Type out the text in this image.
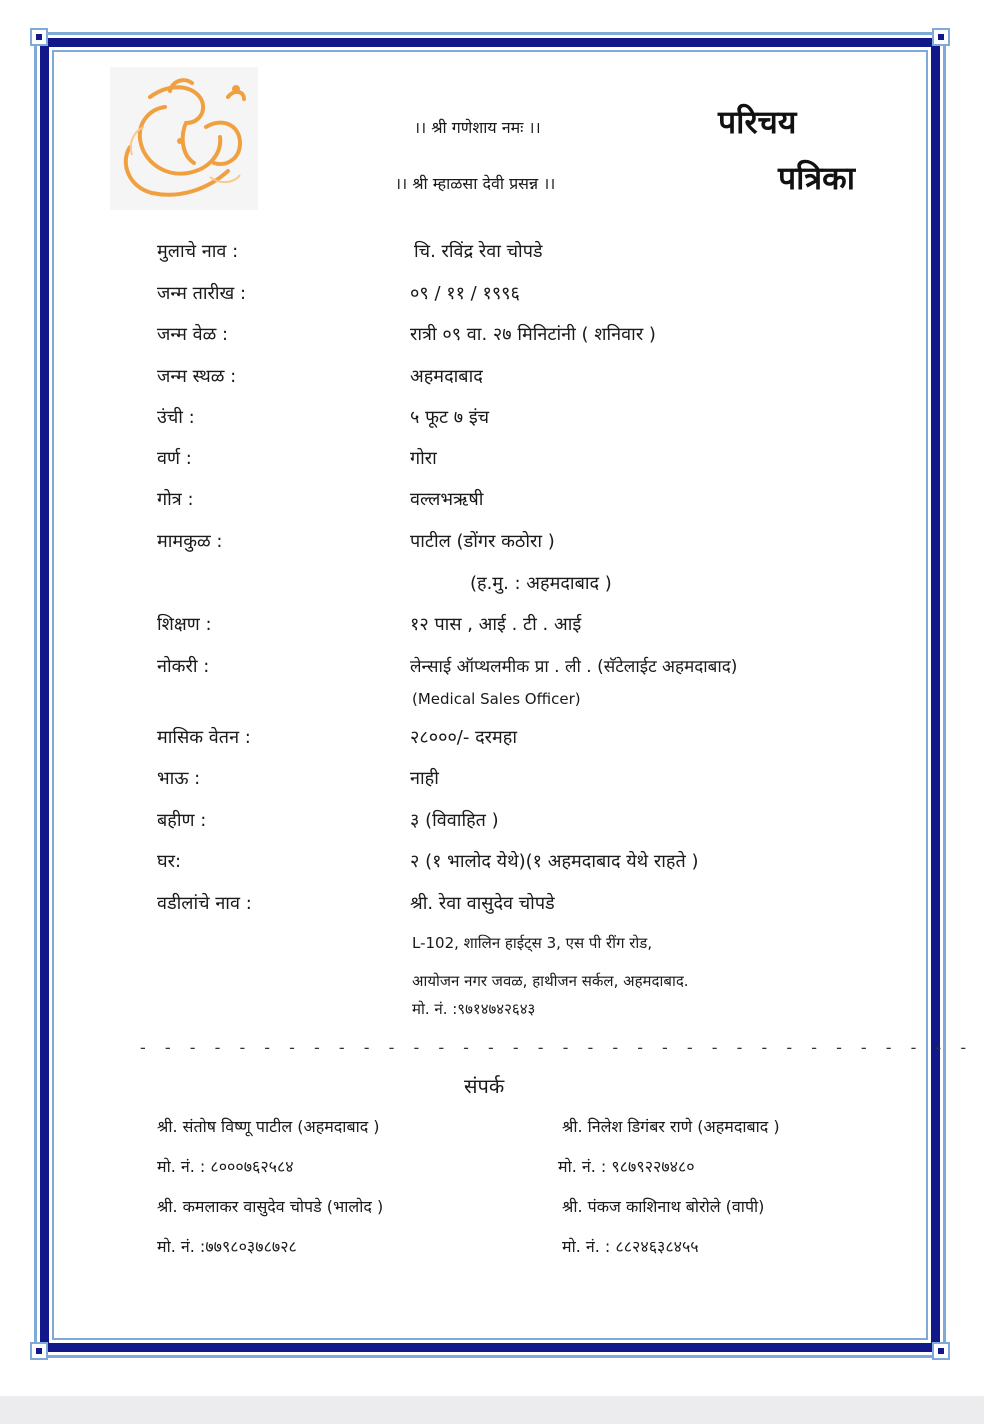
।। श्री गणेशाय नमः ।।
।। श्री म्हाळसा देवी प्रसन्न ।।
परिचय
पत्रिका
मुलाचे नाव :	चि. रविंद्र रेवा चोपडे
जन्म तारीख :	०९ / ११ / १९९६
जन्म वेळ :	रात्री ०९ वा. २७ मिनिटांनी ( शनिवार )
जन्म स्थळ :	अहमदाबाद
उंची :	५ फूट ७ इंच
वर्ण :	गोरा
गोत्र :	वल्लभऋषी
मामकुळ :	पाटील (डोंगर कठोरा )
(ह.मु. : अहमदाबाद )
शिक्षण :	१२ पास , आई . टी . आई
नोकरी :	लेन्साई ऑप्थलमीक प्रा . ली . (सॅटेलाईट अहमदाबाद)
(Medical Sales Officer)
मासिक वेतन :	२८०००/- दरमहा
भाऊ :	नाही
बहीण :	३ (विवाहित )
घर:	२ (१ भालोद येथे)(१ अहमदाबाद येथे राहते )
वडीलांचे नाव :	श्री. रेवा वासुदेव चोपडे
L-102, शालिन हाईट्स 3, एस पी रींग रोड,
आयोजन नगर जवळ, हाथीजन सर्कल, अहमदाबाद.
मो. नं. :९७१४७४२६४३
- - - - - - - - - - - - - - - - - - - - - - - - - - - - - - - - - -
संपर्क
श्री. संतोष विष्णू पाटील (अहमदाबाद )	श्री. निलेश डिगंबर राणे (अहमदाबाद )
मो. नं. : ८०००७६२५८४	मो. नं. : ९८७९२२७४८०
श्री. कमलाकर वासुदेव चोपडे (भालोद )	श्री. पंकज काशिनाथ बोरोले (वापी)
मो. नं. :७७९८०३७८७२८	मो. नं. : ८८२४६३८४५५
